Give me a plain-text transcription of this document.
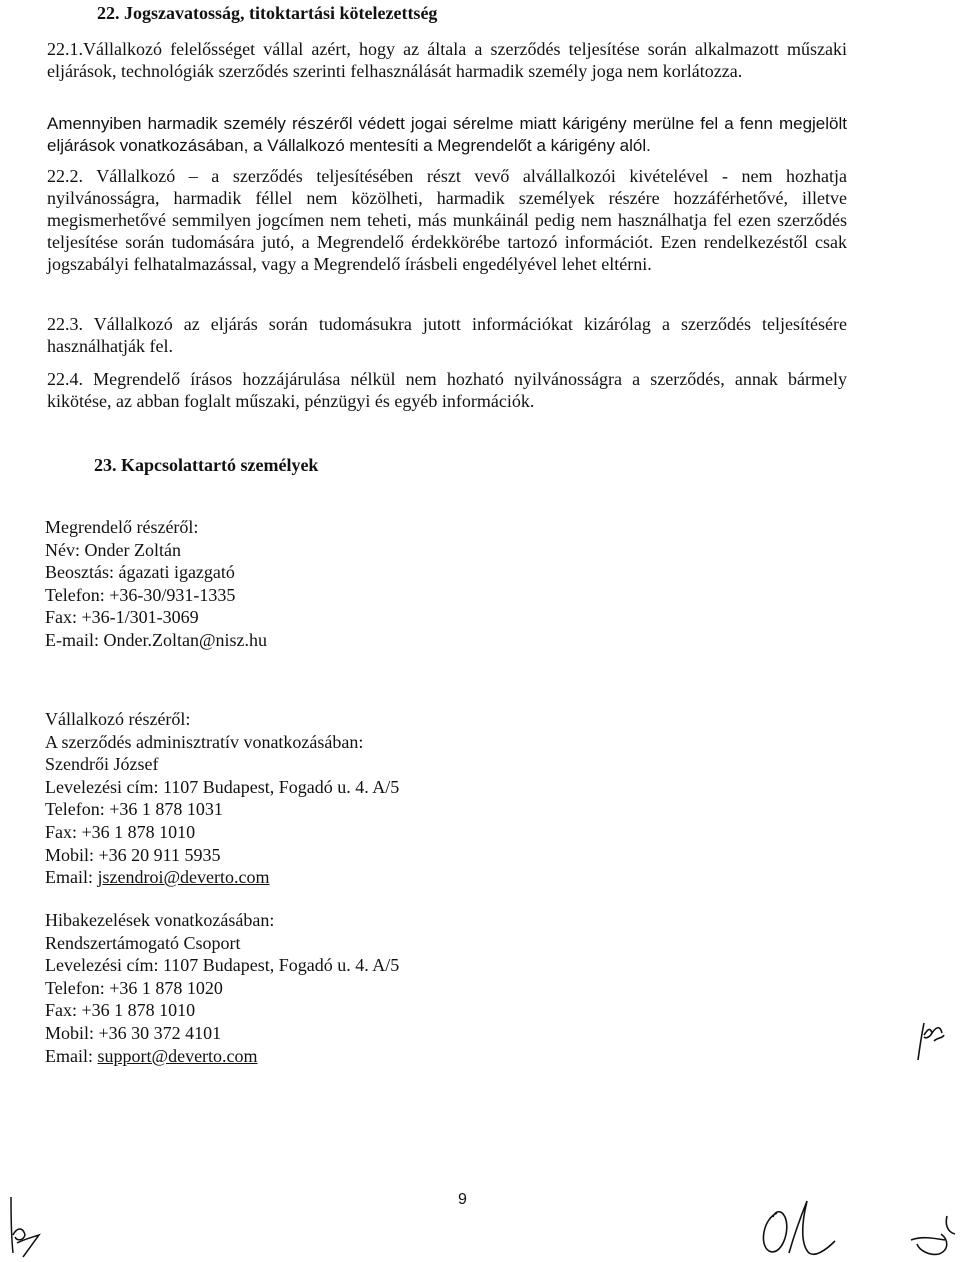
22. Jogszavatosság, titoktartási kötelezettség
22.1.Vállalkozó felelősséget vállal azért, hogy az általa a szerződés teljesítése során alkalmazott műszaki eljárások, technológiák szerződés szerinti felhasználását harmadik személy joga nem korlátozza.
Amennyiben harmadik személy részéről védett jogai sérelme miatt kárigény merülne fel a fenn megjelölt eljárások vonatkozásában, a Vállalkozó mentesíti a Megrendelőt a kárigény alól.
22.2. Vállalkozó – a szerződés teljesítésében részt vevő alvállalkozói kivételével - nem hozhatja nyilvánosságra, harmadik féllel nem közölheti, harmadik személyek részére hozzáférhetővé, illetve megismerhetővé semmilyen jogcímen nem teheti, más munkáinál pedig nem használhatja fel ezen szerződés teljesítése során tudomására jutó, a Megrendelő érdekkörébe tartozó információt. Ezen rendelkezéstől csak jogszabályi felhatalmazással, vagy a Megrendelő írásbeli engedélyével lehet eltérni.
22.3. Vállalkozó az eljárás során tudomásukra jutott információkat kizárólag a szerződés teljesítésére használhatják fel.
22.4. Megrendelő írásos hozzájárulása nélkül nem hozható nyilvánosságra a szerződés, annak bármely kikötése, az abban foglalt műszaki, pénzügyi és egyéb információk.
23. Kapcsolattartó személyek
Megrendelő részéről:
Név: Onder Zoltán
Beosztás: ágazati igazgató
Telefon: +36-30/931-1335
Fax: +36-1/301-3069
E-mail: Onder.Zoltan@nisz.hu
Vállalkozó részéről:
A szerződés adminisztratív vonatkozásában:
Szendrői József
Levelezési cím: 1107 Budapest, Fogadó u. 4. A/5
Telefon: +36 1 878 1031
Fax: +36 1 878 1010
Mobil: +36 20 911 5935
Email: jszendroi@deverto.com
Hibakezelések vonatkozásában:
Rendszertámogató Csoport
Levelezési cím: 1107 Budapest, Fogadó u. 4. A/5
Telefon: +36 1 878 1020
Fax: +36 1 878 1010
Mobil: +36 30 372 4101
Email: support@deverto.com
9
